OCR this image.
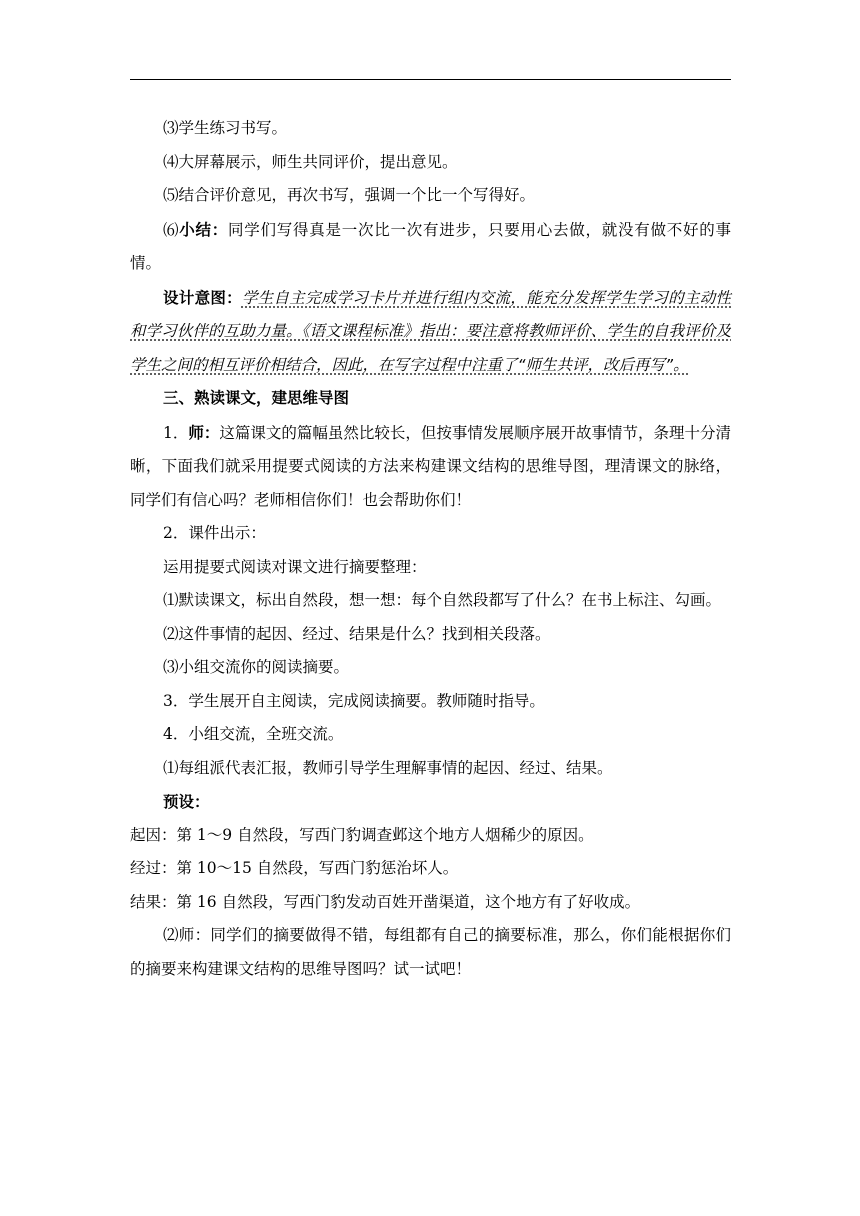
⑶学生练习书写。

⑷大屏幕展示，师生共同评价，提出意见。

⑸结合评价意见，再次书写，强调一个比一个写得好。

⑹小结：同学们写得真是一次比一次有进步，只要用心去做，就没有做不好的事情。

设计意图：学生自主完成学习卡片并进行组内交流，能充分发挥学生学习的主动性和学习伙伴的互助力量。《语文课程标准》指出：要注意将教师评价、学生的自我评价及学生之间的相互评价相结合，因此，在写字过程中注重了“师生共评，改后再写”。

三、熟读课文，建思维导图

1．师：这篇课文的篇幅虽然比较长，但按事情发展顺序展开故事情节，条理十分清晰，下面我们就采用提要式阅读的方法来构建课文结构的思维导图，理清课文的脉络，同学们有信心吗？老师相信你们！也会帮助你们！

2．课件出示：

运用提要式阅读对课文进行摘要整理：

⑴默读课文，标出自然段，想一想：每个自然段都写了什么？在书上标注、勾画。

⑵这件事情的起因、经过、结果是什么？找到相关段落。

⑶小组交流你的阅读摘要。

3．学生展开自主阅读，完成阅读摘要。教师随时指导。

4．小组交流，全班交流。

⑴每组派代表汇报，教师引导学生理解事情的起因、经过、结果。

预设：

起因：第 1～9 自然段，写西门豹调查邺这个地方人烟稀少的原因。

经过：第 10～15 自然段，写西门豹惩治坏人。

结果：第 16 自然段，写西门豹发动百姓开凿渠道，这个地方有了好收成。

⑵师：同学们的摘要做得不错，每组都有自己的摘要标准，那么，你们能根据你们的摘要来构建课文结构的思维导图吗？试一试吧！
